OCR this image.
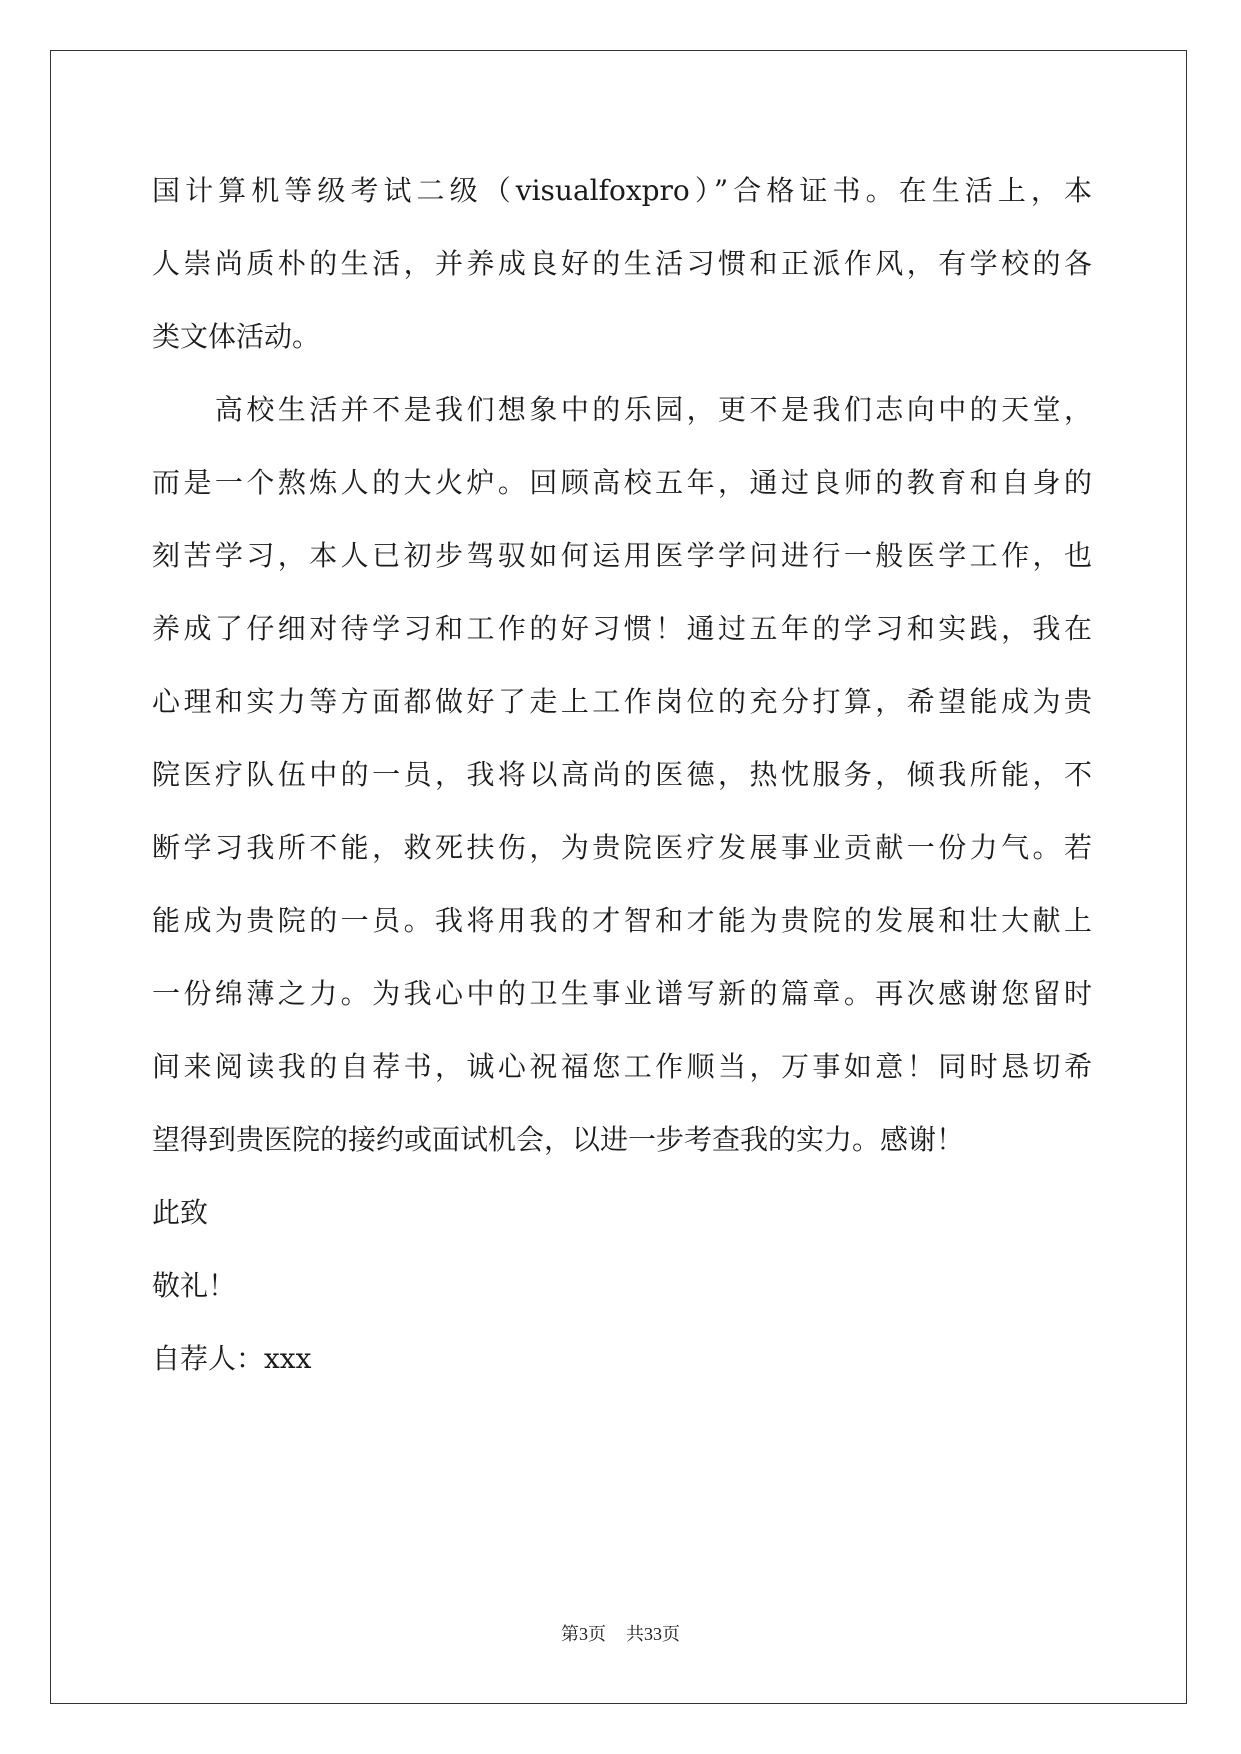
国计算机等级考试二级（visualfoxpro）”合格证书。在生活上，本
人崇尚质朴的生活，并养成良好的生活习惯和正派作风，有学校的各
类文体活动。
　　高校生活并不是我们想象中的乐园，更不是我们志向中的天堂，
而是一个熬炼人的大火炉。回顾高校五年，通过良师的教育和自身的
刻苦学习，本人已初步驾驭如何运用医学学问进行一般医学工作，也
养成了仔细对待学习和工作的好习惯！通过五年的学习和实践，我在
心理和实力等方面都做好了走上工作岗位的充分打算，希望能成为贵
院医疗队伍中的一员，我将以高尚的医德，热忱服务，倾我所能，不
断学习我所不能，救死扶伤，为贵院医疗发展事业贡献一份力气。若
能成为贵院的一员。我将用我的才智和才能为贵院的发展和壮大献上
一份绵薄之力。为我心中的卫生事业谱写新的篇章。再次感谢您留时
间来阅读我的自荐书，诚心祝福您工作顺当，万事如意！同时恳切希
望得到贵医院的接约或面试机会，以进一步考查我的实力。感谢！
此致
敬礼！
自荐人：xxx
第3页 共33页
